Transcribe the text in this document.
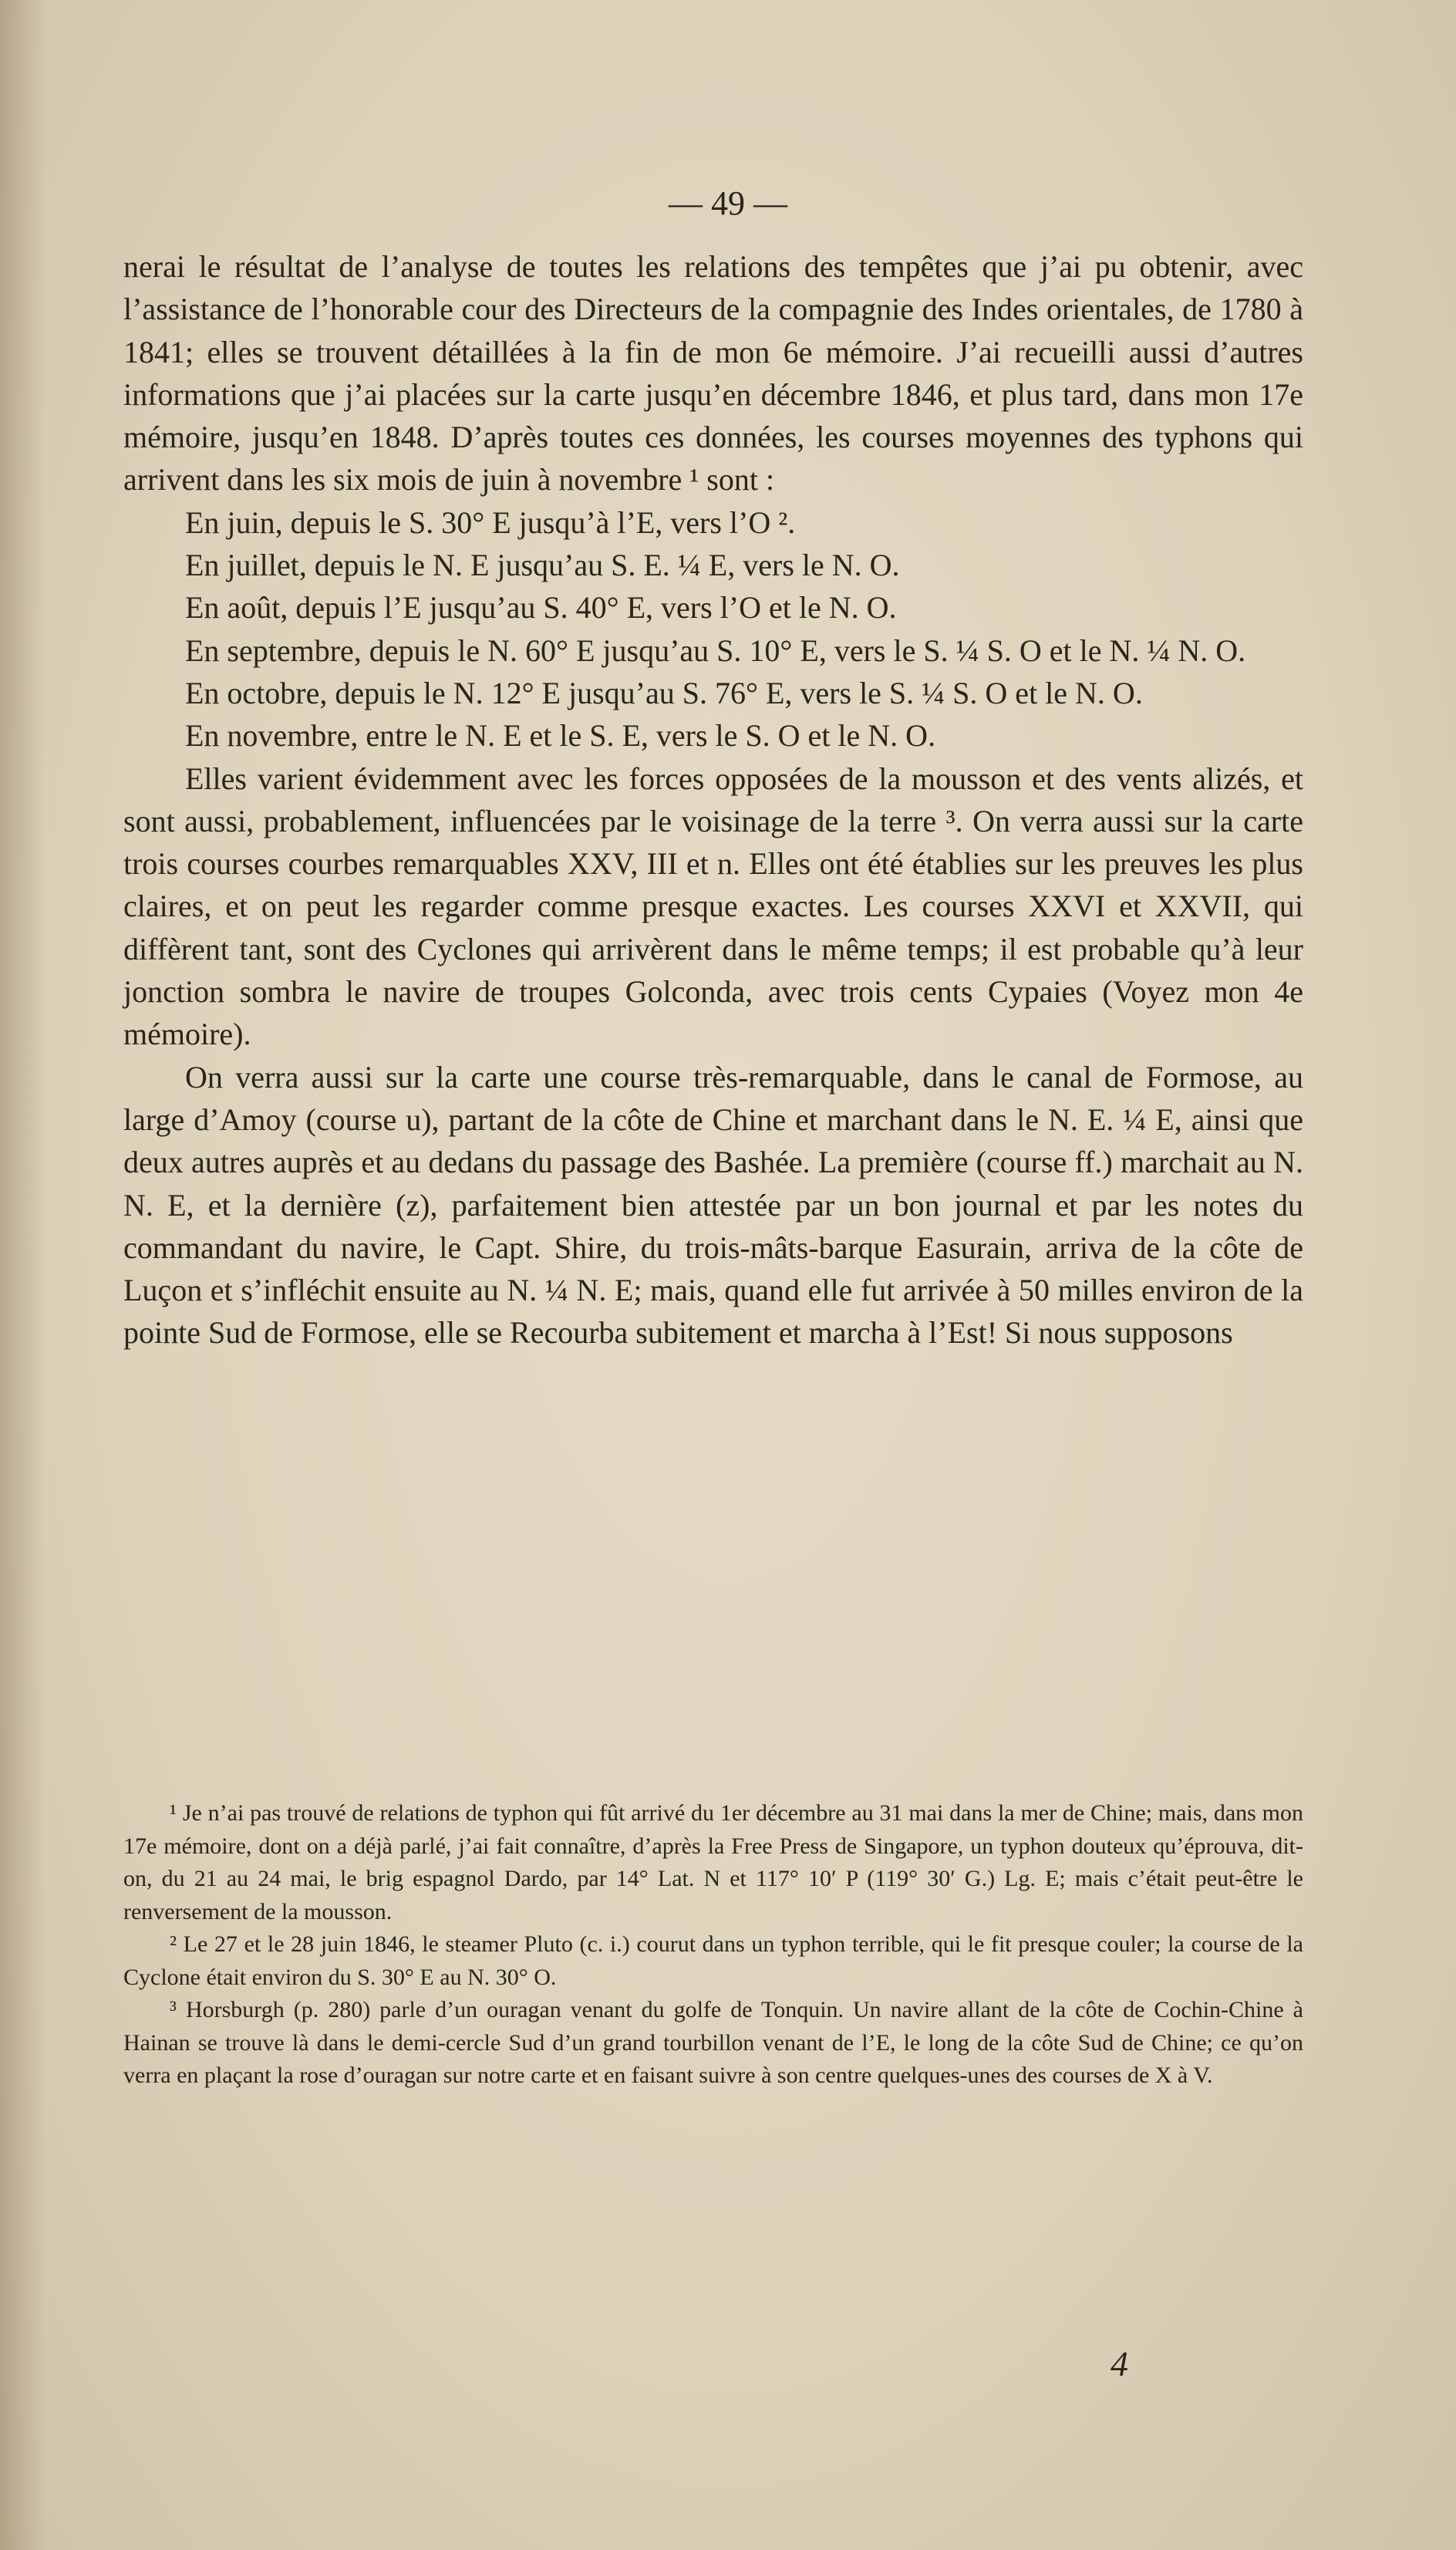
— 49 —

nerai le résultat de l’analyse de toutes les relations des tempêtes que j’ai pu obtenir, avec l’assistance de l’honorable cour des Directeurs de la compagnie des Indes orientales, de 1780 à 1841; elles se trouvent détaillées à la fin de mon 6e mémoire. J’ai recueilli aussi d’autres informations que j’ai placées sur la carte jusqu’en décembre 1846, et plus tard, dans mon 17e mémoire, jusqu’en 1848. D’après toutes ces données, les courses moyennes des typhons qui arrivent dans les six mois de juin à novembre ¹ sont :

En juin, depuis le S. 30° E jusqu’à l’E, vers l’O ².

En juillet, depuis le N. E jusqu’au S. E. ¼ E, vers le N. O.

En août, depuis l’E jusqu’au S. 40° E, vers l’O et le N. O.

En septembre, depuis le N. 60° E jusqu’au S. 10° E, vers le S. ¼ S. O et le N. ¼ N. O.

En octobre, depuis le N. 12° E jusqu’au S. 76° E, vers le S. ¼ S. O et le N. O.

En novembre, entre le N. E et le S. E, vers le S. O et le N. O.

Elles varient évidemment avec les forces opposées de la mousson et des vents alizés, et sont aussi, probablement, influencées par le voisinage de la terre ³. On verra aussi sur la carte trois courses courbes remarquables XXV, III et n. Elles ont été établies sur les preuves les plus claires, et on peut les regarder comme presque exactes. Les courses XXVI et XXVII, qui diffèrent tant, sont des Cyclones qui arrivèrent dans le même temps; il est probable qu’à leur jonction sombra le navire de troupes Golconda, avec trois cents Cypaies (Voyez mon 4e mémoire).

On verra aussi sur la carte une course très-remarquable, dans le canal de Formose, au large d’Amoy (course u), partant de la côte de Chine et marchant dans le N. E. ¼ E, ainsi que deux autres auprès et au dedans du passage des Bashée. La première (course ff.) marchait au N. N. E, et la dernière (z), parfaitement bien attestée par un bon journal et par les notes du commandant du navire, le Capt. Shire, du trois-mâts-barque Easurain, arriva de la côte de Luçon et s’infléchit ensuite au N. ¼ N. E; mais, quand elle fut arrivée à 50 milles environ de la pointe Sud de Formose, elle se Recourba subitement et marcha à l’Est! Si nous supposons

¹ Je n’ai pas trouvé de relations de typhon qui fût arrivé du 1er décembre au 31 mai dans la mer de Chine; mais, dans mon 17e mémoire, dont on a déjà parlé, j’ai fait connaître, d’après la Free Press de Singapore, un typhon douteux qu’éprouva, dit-on, du 21 au 24 mai, le brig espagnol Dardo, par 14° Lat. N et 117° 10′ P (119° 30′ G.) Lg. E; mais c’était peut-être le renversement de la mousson.

² Le 27 et le 28 juin 1846, le steamer Pluto (c. i.) courut dans un typhon terrible, qui le fit presque couler; la course de la Cyclone était environ du S. 30° E au N. 30° O.

³ Horsburgh (p. 280) parle d’un ouragan venant du golfe de Tonquin. Un navire allant de la côte de Cochin-Chine à Hainan se trouve là dans le demi-cercle Sud d’un grand tourbillon venant de l’E, le long de la côte Sud de Chine; ce qu’on verra en plaçant la rose d’ouragan sur notre carte et en faisant suivre à son centre quelques-unes des courses de X à V.

4
